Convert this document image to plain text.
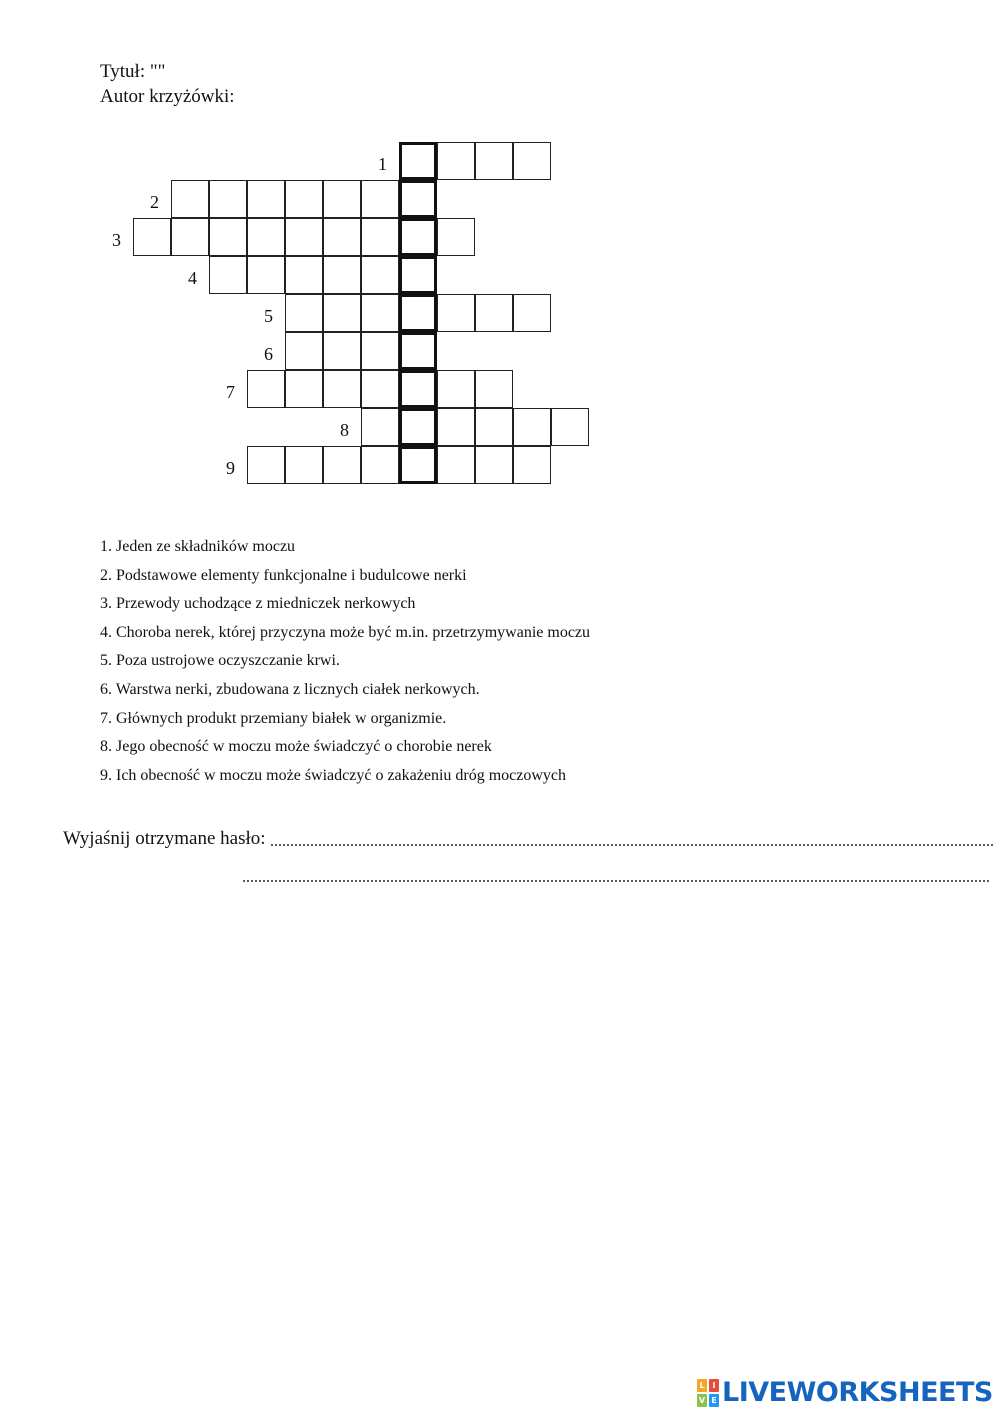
Tytuł: ""
Autor krzyżówki:
1
2
3
4
5
6
7
8
9
1. Jeden ze składników moczu
2. Podstawowe elementy funkcjonalne i budulcowe nerki
3. Przewody uchodzące z miedniczek nerkowych
4. Choroba nerek, której przyczyna może być m.in. przetrzymywanie moczu
5. Poza ustrojowe oczyszczanie krwi.
6. Warstwa nerki, zbudowana z licznych ciałek nerkowych.
7. Głównych produkt przemiany białek w organizmie.
8. Jego obecność w moczu może świadczyć o chorobie nerek
9. Ich obecność w moczu może świadczyć o zakażeniu dróg moczowych
Wyjaśnij otrzymane hasło:
L I
V E LIVEWORKSHEETS
